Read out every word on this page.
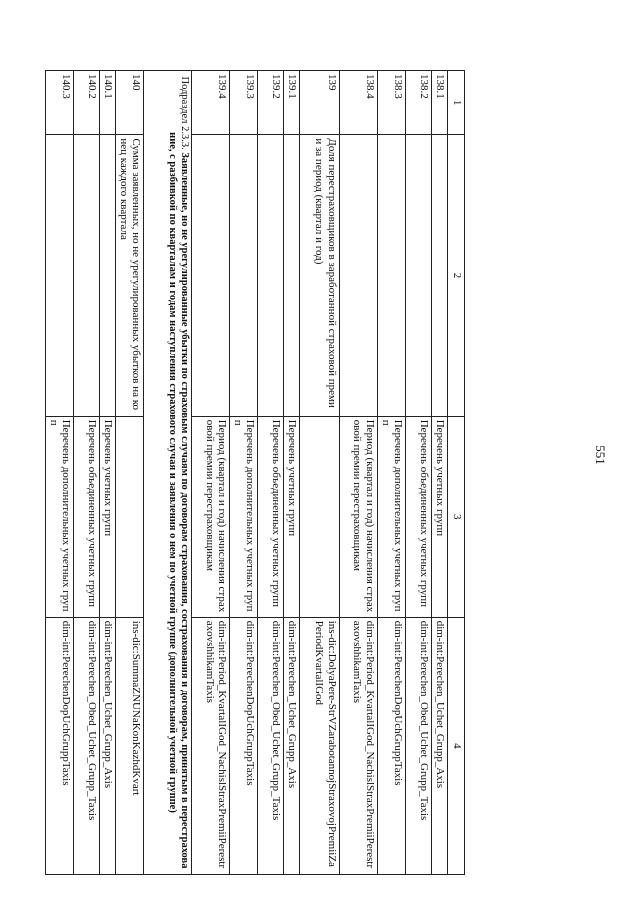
551
1	2	3	4
138.1		Перечень учетных групп	dim-int:Perechen_Uchet_Grupp_Axis
138.2		Перечень объединенных учетных групп	dim-int:Perechen_Obed_Uchet_Grupp_Taxis
138.3		Перечень дополнительных учетных групп	dim-int:PerechenDopUchGruppTaxis
138.4		Период (квартал и год) начисления страховой премии перестраховщикам	dim-int:Period_KvartalIGod_NachislStraxPremiiPerestraxovshhikamTaxis
139	Доля перестраховщиков в заработанной страховой премии за период (квартал и год)		ins-dic:DolyaPere-StrVZarabotannojStraxovojPremiiZaPeriodKvartalIGod
139.1		Перечень учетных групп	dim-int:Perechen_Uchet_Grupp_Axis
139.2		Перечень объединенных учетных групп	dim-int:Perechen_Obed_Uchet_Grupp_Taxis
139.3		Перечень дополнительных учетных групп	dim-int:PerechenDopUchGruppTaxis
139.4		Период (квартал и год) начисления страховой премии перестраховщикам	dim-int:Period_KvartalIGod_NachislStraxPremiiPerestraxovshhikamTaxis
Подраздел 2.3.3. Заявленные, но не урегулированные убытки по страховым случаям по договорам страхования, сострахования и договорам, принятым в перестрахование, с разбивкой по кварталам и годам наступления страхового случая и заявления о нем по учетной группе (дополнительной учетной группе)			
140	Сумма заявленных, но не урегулированных убытков на конец каждого квартала		ins-dic:SummaZNUNaKonKazhdKvart
140.1		Перечень учетных групп	dim-int:Perechen_Uchet_Grupp_Axis
140.2		Перечень объединенных учетных групп	dim-int:Perechen_Obed_Uchet_Grupp_Taxis
140.3		Перечень дополнительных учетных групп	dim-int:PerechenDopUchGruppTaxis
